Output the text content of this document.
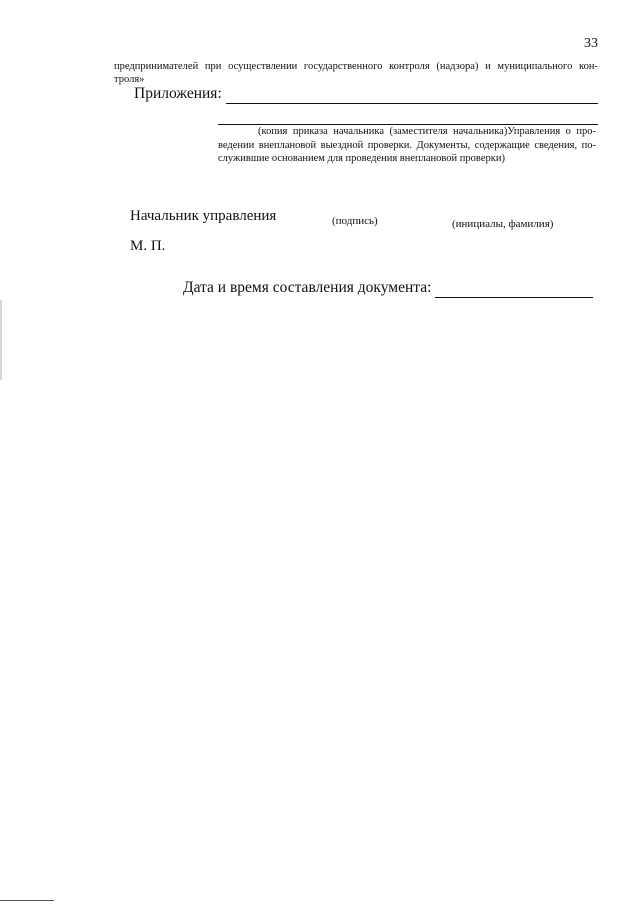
33
предпринимателей при осуществлении государственного контроля (надзора) и муниципального кон-троля»
Приложения:
(копия приказа начальника (заместителя начальника)Управления о про-ведении внеплановой выездной проверки. Документы, содержащие сведения, по-служившие основанием для проведения внеплановой проверки)
Начальник управления	(подпись)	(инициалы, фамилия)
М. П.
Дата и время составления документа:
